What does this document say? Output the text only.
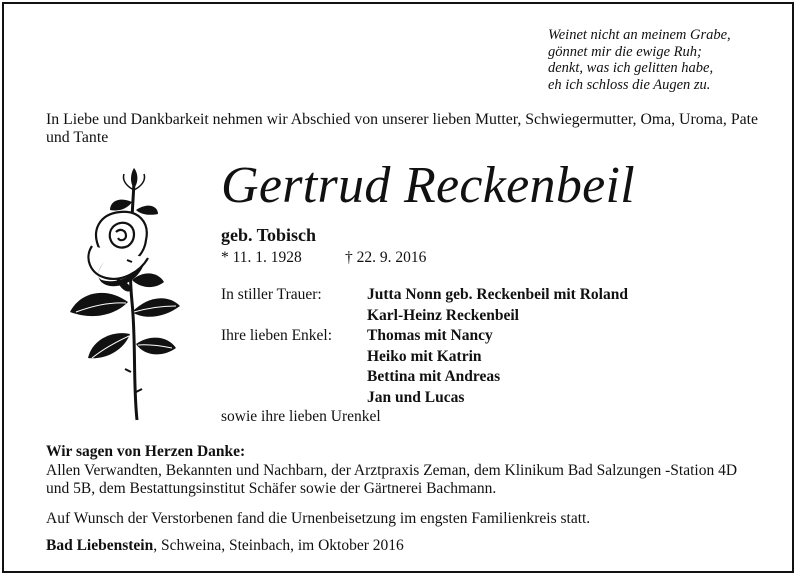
Weinet nicht an meinem Grabe,
gönnet mir die ewige Ruh;
denkt, was ich gelitten habe,
eh ich schloss die Augen zu.
In Liebe und Dankbarkeit nehmen wir Abschied von unserer lieben Mutter, Schwiegermutter, Oma, Uroma, Pate und Tante
Gertrud Reckenbeil
geb. Tobisch
* 11. 1. 1928	† 22. 9. 2016
In stiller Trauer:	Jutta Nonn geb. Reckenbeil mit Roland
Karl-Heinz Reckenbeil
Ihre lieben Enkel: Thomas mit Nancy
Heiko mit Katrin
Bettina mit Andreas
Jan und Lucas
sowie ihre lieben Urenkel
Wir sagen von Herzen Danke:
Allen Verwandten, Bekannten und Nachbarn, der Arztpraxis Zeman, dem Klinikum Bad Salzungen -Station 4D und 5B, dem Bestattungsinstitut Schäfer sowie der Gärtnerei Bachmann.
Auf Wunsch der Verstorbenen fand die Urnenbeisetzung im engsten Familienkreis statt.
Bad Liebenstein, Schweina, Steinbach, im Oktober 2016
